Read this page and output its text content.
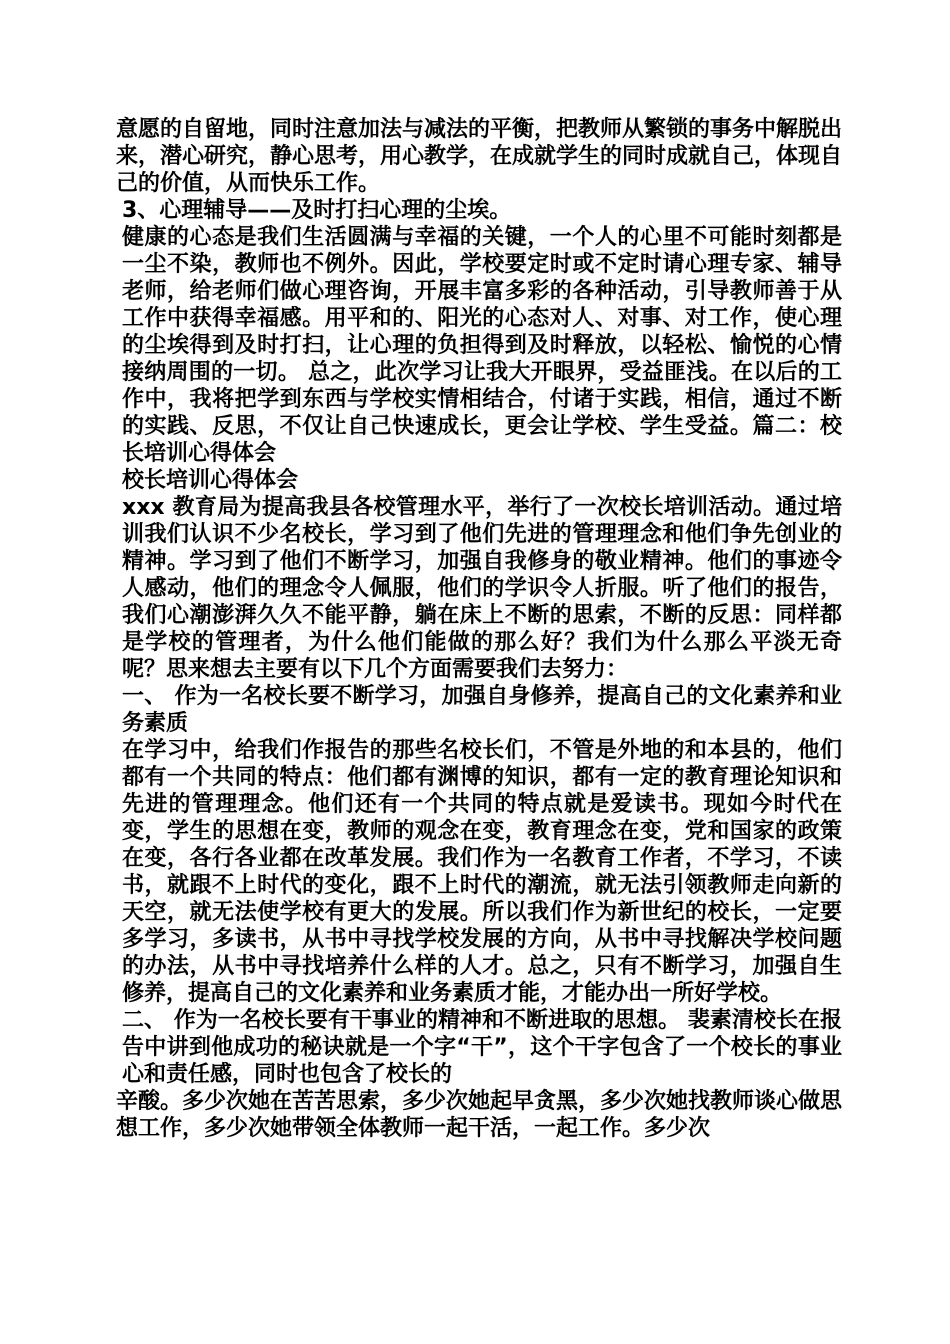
意愿的自留地，同时注意加法与减法的平衡，把教师从繁锁的事务中解脱出来，潜心研究，静心思考，用心教学，在成就学生的同时成就自己，体现自己的价值，从而快乐工作。

3、心理辅导——及时打扫心理的尘埃。

健康的心态是我们生活圆满与幸福的关键，一个人的心里不可能时刻都是一尘不染，教师也不例外。因此，学校要定时或不定时请心理专家、辅导老师，给老师们做心理咨询，开展丰富多彩的各种活动，引导教师善于从工作中获得幸福感。用平和的、阳光的心态对人、对事、对工作，使心理的尘埃得到及时打扫，让心理的负担得到及时释放，以轻松、愉悦的心情接纳周围的一切。 总之，此次学习让我大开眼界，受益匪浅。在以后的工作中，我将把学到东西与学校实情相结合，付诸于实践，相信，通过不断的实践、反思，不仅让自己快速成长，更会让学校、学生受益。篇二：校长培训心得体会

校长培训心得体会

xxx 教育局为提高我县各校管理水平，举行了一次校长培训活动。通过培训我们认识不少名校长，学习到了他们先进的管理理念和他们争先创业的精神。学习到了他们不断学习，加强自我修身的敬业精神。他们的事迹令人感动，他们的理念令人佩服，他们的学识令人折服。听了他们的报告，我们心潮澎湃久久不能平静，躺在床上不断的思索，不断的反思：同样都是学校的管理者，为什么他们能做的那么好？我们为什么那么平淡无奇呢？思来想去主要有以下几个方面需要我们去努力：

一、 作为一名校长要不断学习，加强自身修养，提高自己的文化素养和业务素质

在学习中，给我们作报告的那些名校长们，不管是外地的和本县的，他们都有一个共同的特点：他们都有渊博的知识，都有一定的教育理论知识和先进的管理理念。他们还有一个共同的特点就是爱读书。现如今时代在变，学生的思想在变，教师的观念在变，教育理念在变，党和国家的政策在变，各行各业都在改革发展。我们作为一名教育工作者，不学习，不读书，就跟不上时代的变化，跟不上时代的潮流，就无法引领教师走向新的天空，就无法使学校有更大的发展。所以我们作为新世纪的校长，一定要多学习，多读书，从书中寻找学校发展的方向，从书中寻找解决学校问题的办法，从书中寻找培养什么样的人才。总之，只有不断学习，加强自生修养，提高自己的文化素养和业务素质才能，才能办出一所好学校。

二、 作为一名校长要有干事业的精神和不断进取的思想。 裴素清校长在报告中讲到他成功的秘诀就是一个字“干”，这个干字包含了一个校长的事业心和责任感，同时也包含了校长的

辛酸。多少次她在苦苦思索，多少次她起早贪黑，多少次她找教师谈心做思想工作，多少次她带领全体教师一起干活，一起工作。多少次
